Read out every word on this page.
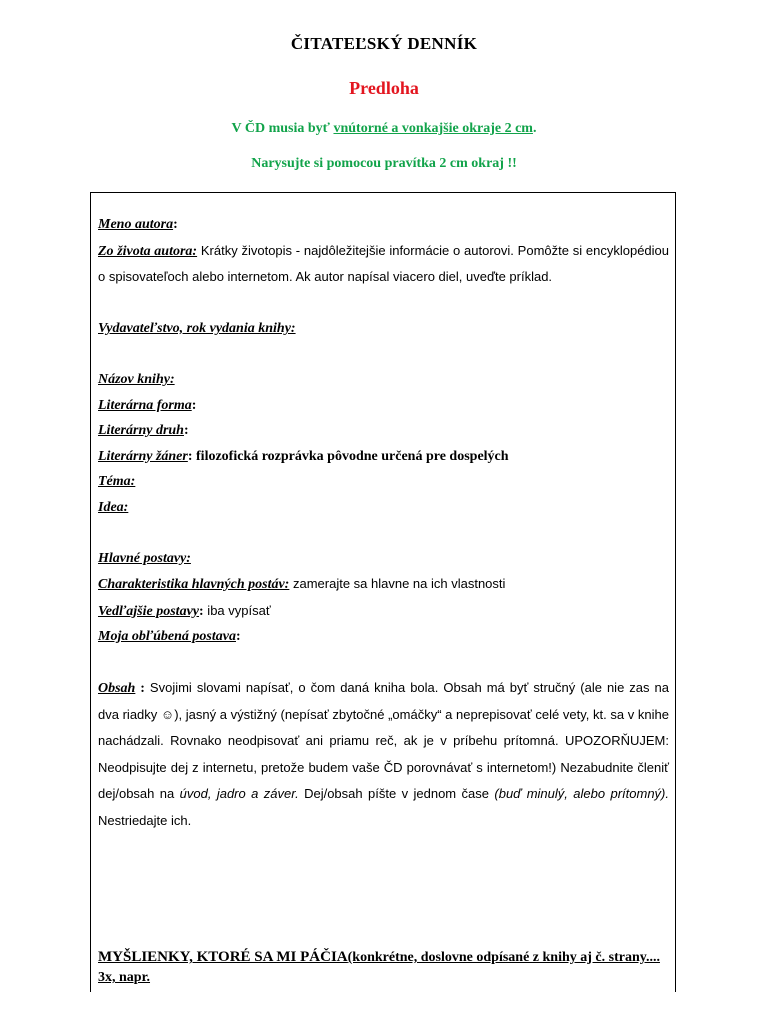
ČITATEĽSKÝ DENNÍK
Predloha
V ČD musia byť vnútorné a vonkajšie okraje 2 cm.
Narysujte si pomocou pravítka 2 cm okraj !!

Meno autora:

Zo života autora: Krátky životopis - najdôležitejšie informácie o autorovi. Pomôžte si encyklopédiou o spisovateľoch alebo internetom. Ak autor napísal viacero diel, uveďte príklad.

Vydavateľstvo, rok vydania knihy:

Názov knihy:

Literárna forma:

Literárny druh:

Literárny žáner: filozofická rozprávka pôvodne určená pre dospelých

Téma:

Idea:

Hlavné postavy:

Charakteristika hlavných postáv: zamerajte sa hlavne na ich vlastnosti

Vedľajšie postavy: iba vypísať

Moja obľúbená postava:

Obsah : Svojimi slovami napísať, o čom daná kniha bola. Obsah má byť stručný (ale nie zas na dva riadky ☺), jasný a výstižný (nepísať zbytočné „omáčky“ a neprepisovať celé vety, kt. sa v knihe nachádzali. Rovnako neodpisovať ani priamu reč, ak je v príbehu prítomná. UPOZORŇUJEM: Neodpisujte dej z internetu, pretože budem vaše ČD porovnávať s internetom!) Nezabudnite členiť dej/obsah na úvod, jadro a záver. Dej/obsah píšte v jednom čase (buď minulý, alebo prítomný). Nestriedajte ich.

MYŠLIENKY, KTORÉ SA MI PÁČIA(konkrétne, doslovne odpísané z knihy aj č. strany.... 3x, napr.
